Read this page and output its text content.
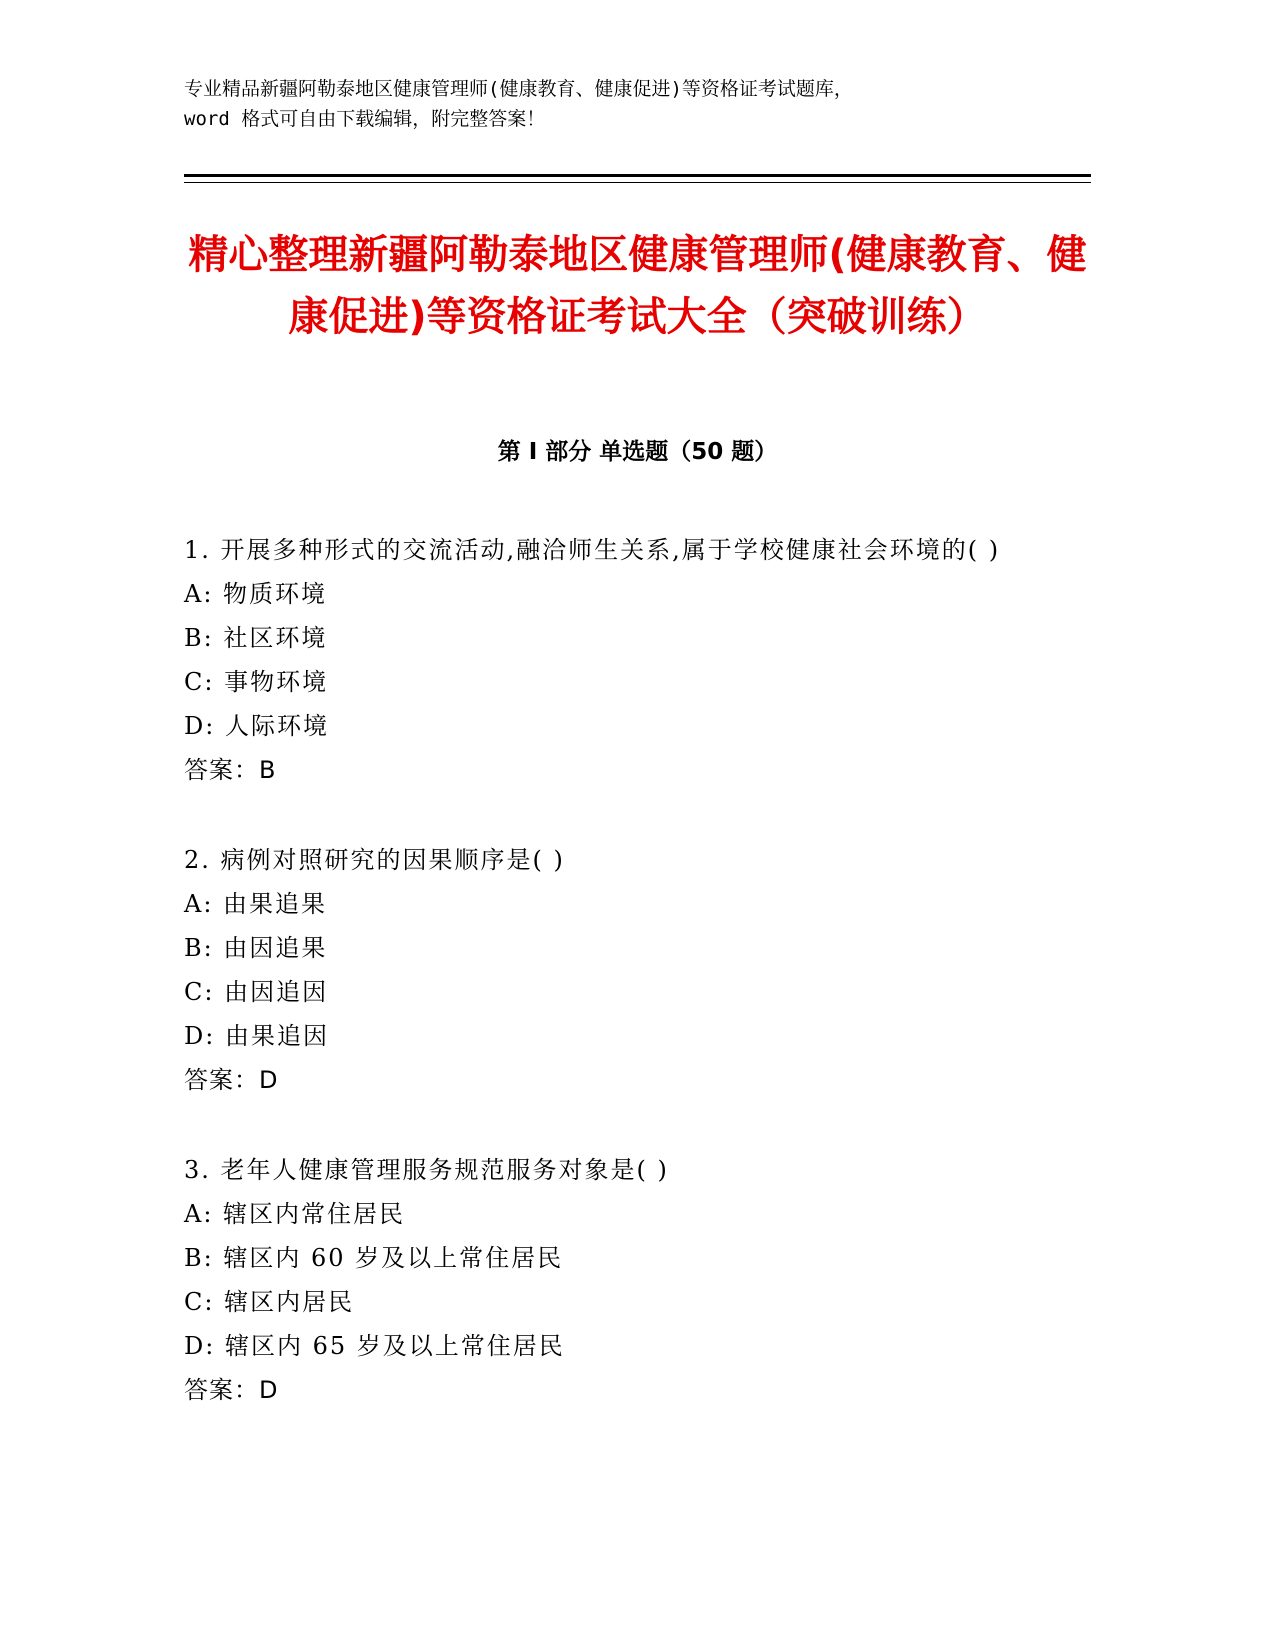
专业精品新疆阿勒泰地区健康管理师(健康教育、健康促进)等资格证考试题库，
word 格式可自由下载编辑，附完整答案！
精心整理新疆阿勒泰地区健康管理师(健康教育、健康促进)等资格证考试大全（突破训练）
第 I 部分 单选题（50 题）
1. 开展多种形式的交流活动,融洽师生关系,属于学校健康社会环境的( )
A: 物质环境
B: 社区环境
C: 事物环境
D: 人际环境
答案：B
2. 病例对照研究的因果顺序是( )
A: 由果追果
B: 由因追果
C: 由因追因
D: 由果追因
答案：D
3. 老年人健康管理服务规范服务对象是( )
A: 辖区内常住居民
B: 辖区内 60 岁及以上常住居民
C: 辖区内居民
D: 辖区内 65 岁及以上常住居民
答案：D
